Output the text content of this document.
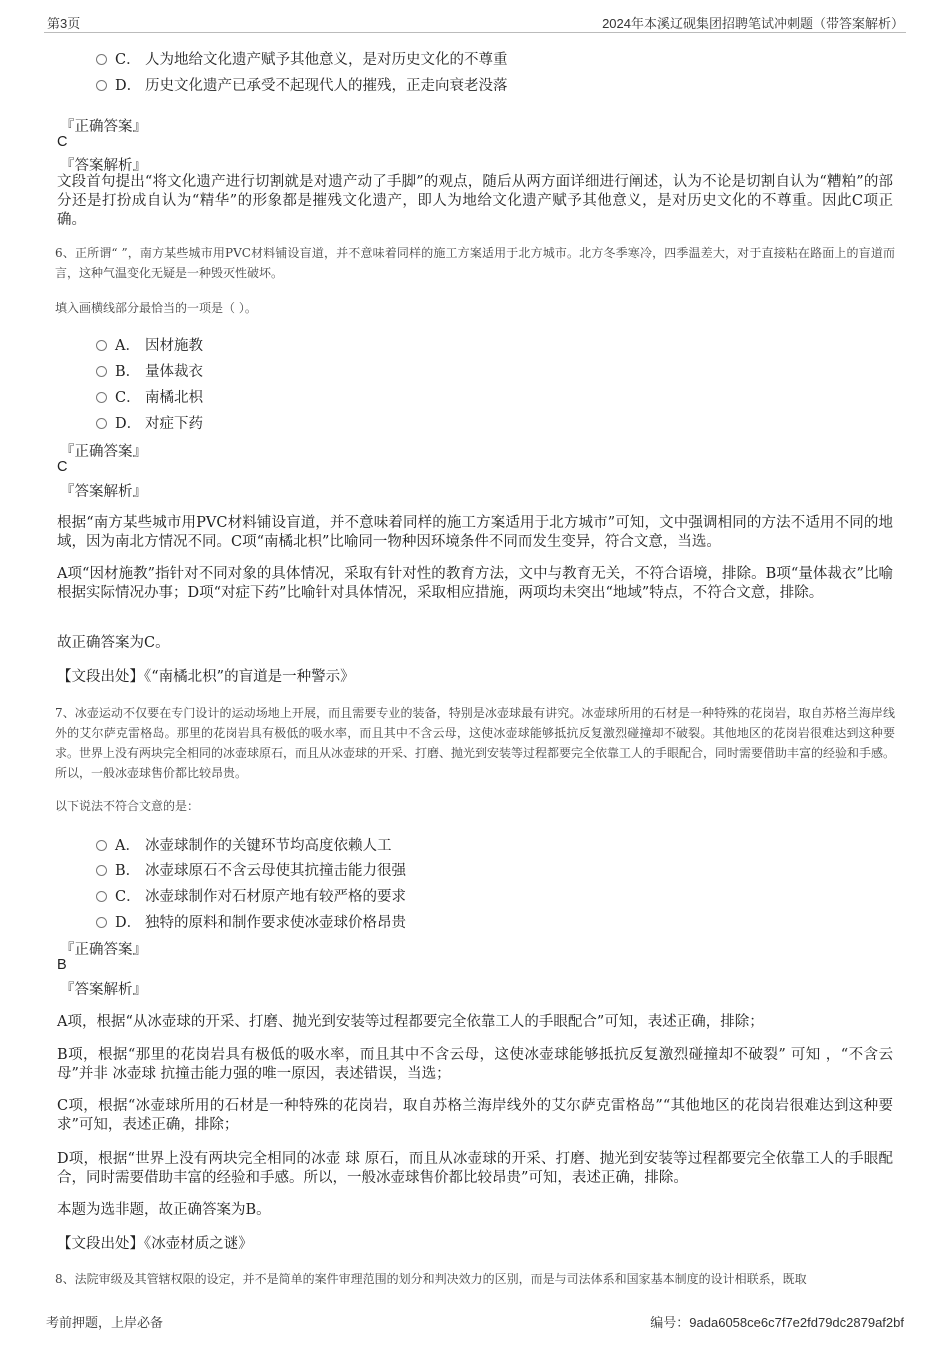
第3页	2024年本溪辽砚集团招聘笔试冲刺题（带答案解析）
C． 人为地给文化遗产赋予其他意义，是对历史文化的不尊重
D． 历史文化遗产已承受不起现代人的摧残，正走向衰老没落
『正确答案』
C
『答案解析』
文段首句提出“将文化遗产进行切割就是对遗产动了手脚”的观点，随后从两方面详细进行阐述，认为不论是切割自认为“糟粕”的部分还是打扮成自认为“精华”的形象都是摧残文化遗产，即人为地给文化遗产赋予其他意义，是对历史文化的不尊重。因此C项正确。
6、正所谓“ ”，南方某些城市用PVC材料铺设盲道，并不意味着同样的施工方案适用于北方城市。北方冬季寒冷，四季温差大，对于直接粘在路面上的盲道而言，这种气温变化无疑是一种毁灭性破坏。
填入画横线部分最恰当的一项是（ ）。
A． 因材施教
B． 量体裁衣
C． 南橘北枳
D． 对症下药
『正确答案』
C
『答案解析』
根据“南方某些城市用PVC材料铺设盲道，并不意味着同样的施工方案适用于北方城市”可知，文中强调相同的方法不适用不同的地域，因为南北方情况不同。C项“南橘北枳”比喻同一物种因环境条件不同而发生变异，符合文意，当选。
A项“因材施教”指针对不同对象的具体情况，采取有针对性的教育方法，文中与教育无关，不符合语境，排除。B项“量体裁衣”比喻根据实际情况办事；D项“对症下药”比喻针对具体情况，采取相应措施，两项均未突出“地域”特点，不符合文意，排除。
故正确答案为C。
【文段出处】《“南橘北枳”的盲道是一种警示》
7、冰壶运动不仅要在专门设计的运动场地上开展，而且需要专业的装备，特别是冰壶球最有讲究。冰壶球所用的石材是一种特殊的花岗岩，取自苏格兰海岸线外的艾尔萨克雷格岛。那里的花岗岩具有极低的吸水率，而且其中不含云母，这使冰壶球能够抵抗反复激烈碰撞却不破裂。其他地区的花岗岩很难达到这种要求。世界上没有两块完全相同的冰壶球原石，而且从冰壶球的开采、打磨、抛光到安装等过程都要完全依靠工人的手眼配合，同时需要借助丰富的经验和手感。所以，一般冰壶球售价都比较昂贵。
以下说法不符合文意的是：
A． 冰壶球制作的关键环节均高度依赖人工
B． 冰壶球原石不含云母使其抗撞击能力很强
C． 冰壶球制作对石材原产地有较严格的要求
D． 独特的原料和制作要求使冰壶球价格昂贵
『正确答案』
B
『答案解析』
A项，根据“从冰壶球的开采、打磨、抛光到安装等过程都要完全依靠工人的手眼配合”可知，表述正确，排除；
B项，根据“那里的花岗岩具有极低的吸水率，而且其中不含云母，这使冰壶球能够抵抗反复激烈碰撞却不破裂” 可知 ，“不含云母”并非 冰壶球 抗撞击能力强的唯一原因，表述错误，当选；
C项，根据“冰壶球所用的石材是一种特殊的花岗岩，取自苏格兰海岸线外的艾尔萨克雷格岛”“其他地区的花岗岩很难达到这种要求”可知，表述正确，排除；
D项，根据“世界上没有两块完全相同的冰壶 球 原石，而且从冰壶球的开采、打磨、抛光到安装等过程都要完全依靠工人的手眼配合，同时需要借助丰富的经验和手感。所以，一般冰壶球售价都比较昂贵”可知，表述正确，排除。
本题为选非题，故正确答案为B。
【文段出处】《冰壶材质之谜》
8、法院审级及其管辖权限的设定，并不是简单的案件审理范围的划分和判决效力的区别，而是与司法体系和国家基本制度的设计相联系，既取
考前押题，上岸必备	编号：9ada6058ce6c7f7e2fd79dc2879af2bf
